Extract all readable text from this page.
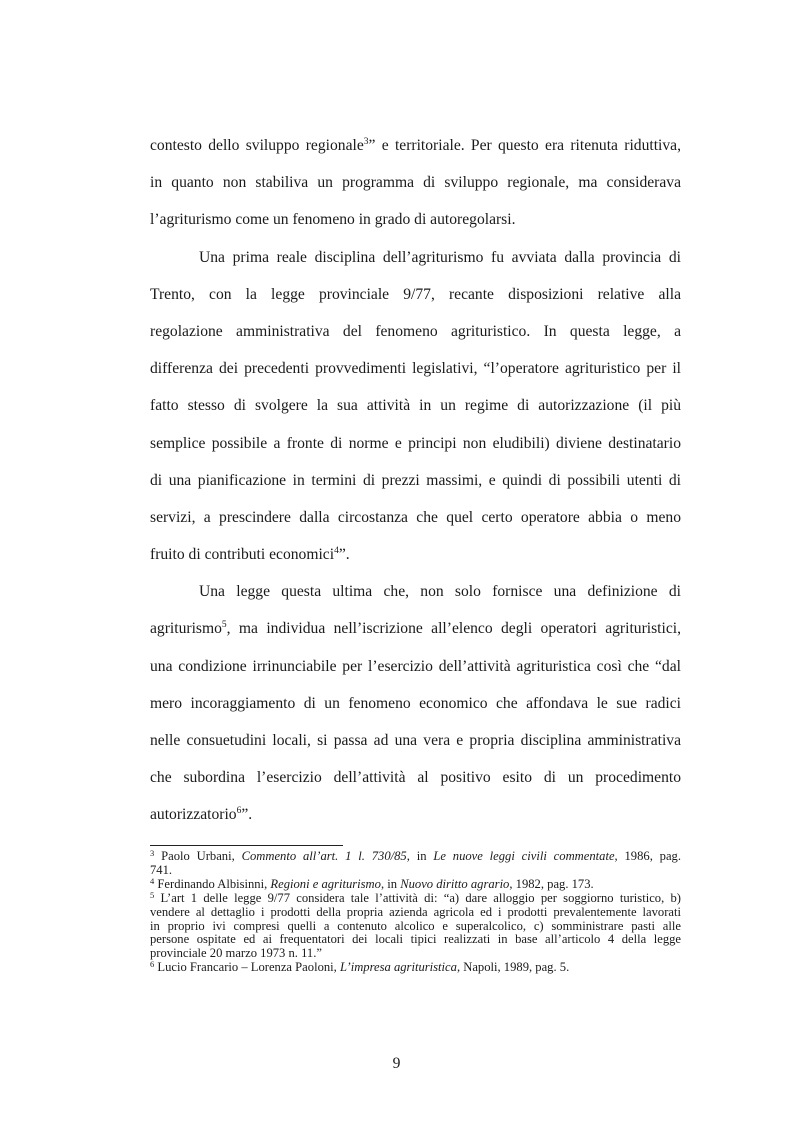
contesto dello sviluppo regionale$^3$” e territoriale. Per questo era ritenuta riduttiva,
in quanto non stabiliva un programma di sviluppo regionale, ma considerava
l’agriturismo come un fenomeno in grado di autoregolarsi.
Una prima reale disciplina dell’agriturismo fu avviata dalla provincia di
Trento, con la legge provinciale 9/77, recante disposizioni relative alla
regolazione amministrativa del fenomeno agrituristico. In questa legge, a
differenza dei precedenti provvedimenti legislativi, “l’operatore agrituristico per il
fatto stesso di svolgere la sua attività in un regime di autorizzazione (il più
semplice possibile a fronte di norme e principi non eludibili) diviene destinatario
di una pianificazione in termini di prezzi massimi, e quindi di possibili utenti di
servizi, a prescindere dalla circostanza che quel certo operatore abbia o meno
fruito di contributi economici$^4$”.
Una legge questa ultima che, non solo fornisce una definizione di
agriturismo$^5$, ma individua nell’iscrizione all’elenco degli operatori agrituristici,
una condizione irrinunciabile per l’esercizio dell’attività agrituristica così che “dal
mero incoraggiamento di un fenomeno economico che affondava le sue radici
nelle consuetudini locali, si passa ad una vera e propria disciplina amministrativa
che subordina l’esercizio dell’attività al positivo esito di un procedimento
autorizzatorio$^6$”.
$^3$ Paolo Urbani, Commento all’art. 1 l. 730/85, in Le nuove leggi civili commentate, 1986, pag.
741.
$^4$ Ferdinando Albisinni, Regioni e agriturismo, in Nuovo diritto agrario, 1982, pag. 173.
$^5$ L’art 1 delle legge 9/77 considera tale l’attività di: “a) dare alloggio per soggiorno turistico, b)
vendere al dettaglio i prodotti della propria azienda agricola ed i prodotti prevalentemente lavorati
in proprio ivi compresi quelli a contenuto alcolico e superalcolico, c) somministrare pasti alle
persone ospitate ed ai frequentatori dei locali tipici realizzati in base all’articolo 4 della legge
provinciale 20 marzo 1973 n. 11.”
$^6$ Lucio Francario – Lorenza Paoloni, L’impresa agrituristica, Napoli, 1989, pag. 5.
9
